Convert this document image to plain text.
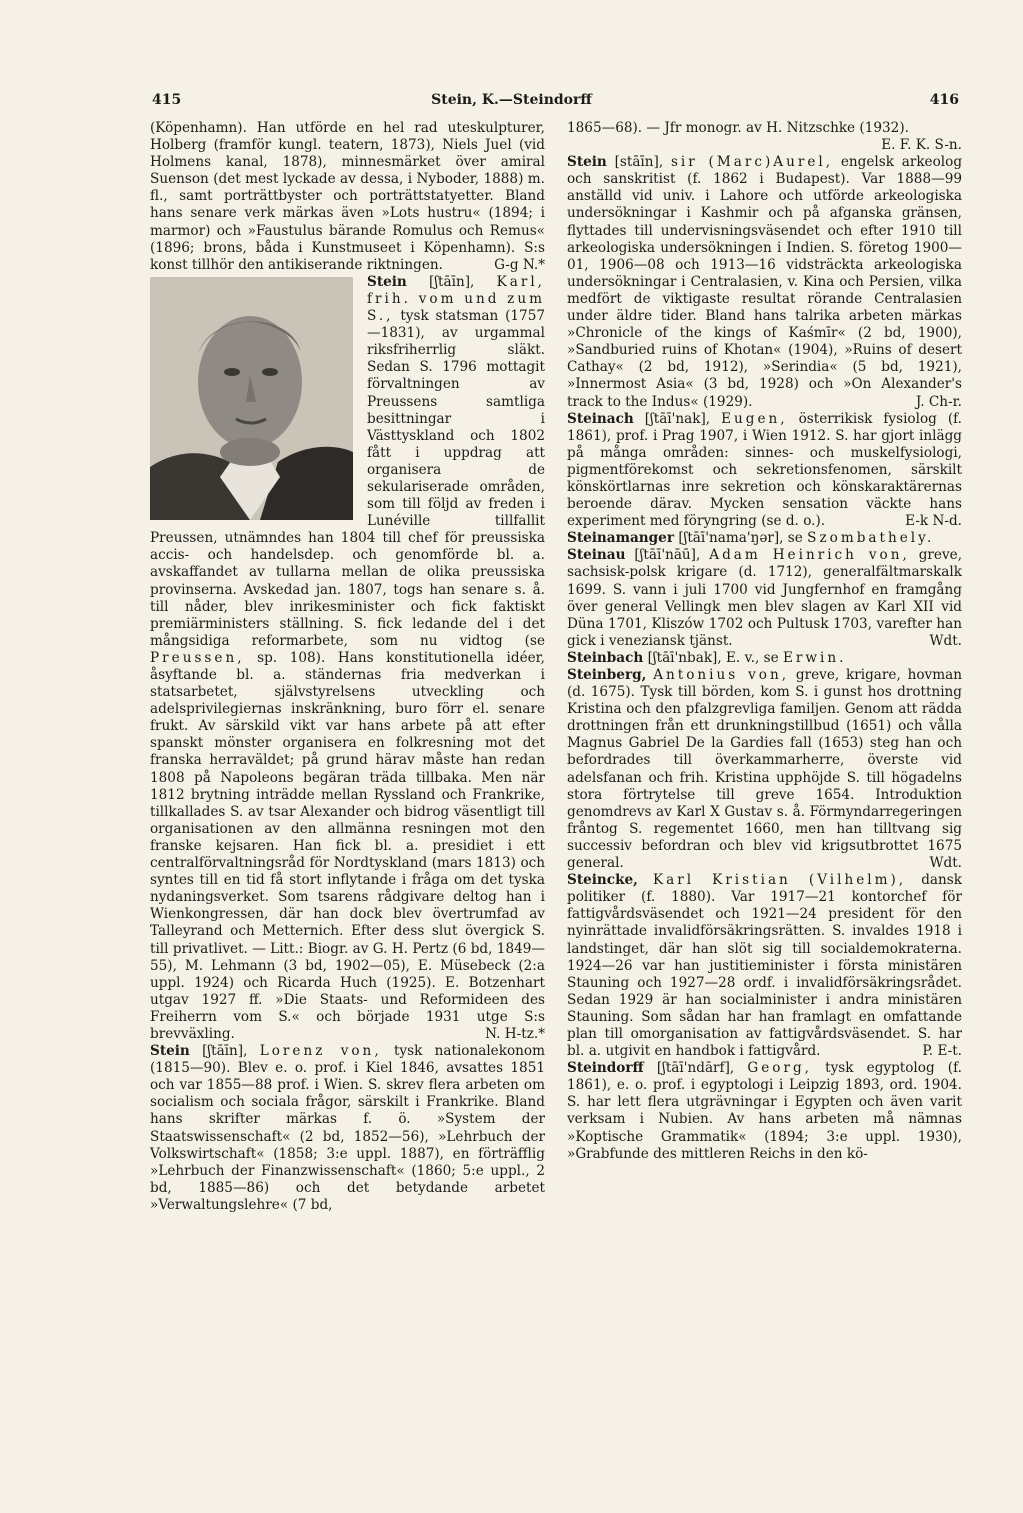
415	Stein, K.—Steindorff	416

(Köpenhamn). Han utförde en hel rad uteskulpturer, Holberg (framför kungl. teatern, 1873), Niels Juel (vid Holmens kanal, 1878), minnesmärket över amiral Suenson (det mest lyckade av dessa, i Nyboder, 1888) m. fl., samt porträttbyster och porträttstatyetter. Bland hans senare verk märkas även »Lots hustru« (1894; i marmor) och »Faustulus bärande Romulus och Remus« (1896; brons, båda i Kunstmuseet i Köpenhamn). S:s konst tillhör den antikiserande riktningen.	G-g N.*

Stein [ʃtāīn], Karl, frih. vom und zum S., tysk statsman (1757—1831), av urgammal riksfriherrlig släkt. Sedan S. 1796 mottagit förvaltningen av Preussens samtliga besittningar i Västtyskland och 1802 fått i uppdrag att organisera de sekulariserade områden, som till följd av freden i Lunéville tillfallit Preussen, utnämndes han 1804 till chef för preussiska accis- och handelsdep. och genomförde bl. a. avskaffandet av tullarna mellan de olika preussiska provinserna. Avskedad jan. 1807, togs han senare s. å. till nåder, blev inrikesminister och fick faktiskt premiärministers ställning. S. fick ledande del i det mångsidiga reformarbete, som nu vidtog (se Preussen, sp. 108). Hans konstitutionella idéer, åsyftande bl. a. ständernas fria medverkan i statsarbetet, självstyrelsens utveckling och adelsprivilegiernas inskränkning, buro förr el. senare frukt. Av särskild vikt var hans arbete på att efter spanskt mönster organisera en folkresning mot det franska herraväldet; på grund härav måste han redan 1808 på Napoleons begäran träda tillbaka. Men när 1812 brytning inträdde mellan Ryssland och Frankrike, tillkallades S. av tsar Alexander och bidrog väsentligt till organisationen av den allmänna resningen mot den franske kejsaren. Han fick bl. a. presidiet i ett centralförvaltningsråd för Nordtyskland (mars 1813) och syntes till en tid få stort inflytande i fråga om det tyska nydaningsverket. Som tsarens rådgivare deltog han i Wienkongressen, där han dock blev övertrumfad av Talleyrand och Metternich. Efter dess slut övergick S. till privatlivet. — Litt.: Biogr. av G. H. Pertz (6 bd, 1849—55), M. Lehmann (3 bd, 1902—05), E. Müsebeck (2:a uppl. 1924) och Ricarda Huch (1925). E. Botzenhart utgav 1927 ff. »Die Staats- und Reformideen des Freiherrn vom S.« och började 1931 utge S:s brevväxling.	N. H-tz.*

Stein [ʃtāīn], Lorenz von, tysk nationalekonom (1815—90). Blev e. o. prof. i Kiel 1846, avsattes 1851 och var 1855—88 prof. i Wien. S. skrev flera arbeten om socialism och sociala frågor, särskilt i Frankrike. Bland hans skrifter märkas f. ö. »System der Staatswissenschaft« (2 bd, 1852—56), »Lehrbuch der Volkswirtschaft« (1858; 3:e uppl. 1887), en förträfflig »Lehrbuch der Finanzwissenschaft« (1860; 5:e uppl., 2 bd, 1885—86) och det betydande arbetet »Verwaltungslehre« (7 bd,

1865—68). — Jfr monogr. av H. Nitzschke (1932).
E. F. K. S-n.

Stein [stāīn], sir (Marc)Aurel, engelsk arkeolog och sanskritist (f. 1862 i Budapest). Var 1888—99 anställd vid univ. i Lahore och utförde arkeologiska undersökningar i Kashmir och på afganska gränsen, flyttades till undervisningsväsendet och efter 1910 till arkeologiska undersökningen i Indien. S. företog 1900—01, 1906—08 och 1913—16 vidsträckta arkeologiska undersökningar i Centralasien, v. Kina och Persien, vilka medfört de viktigaste resultat rörande Centralasien under äldre tider. Bland hans talrika arbeten märkas »Chronicle of the kings of Kaśmīr« (2 bd, 1900), »Sandburied ruins of Khotan« (1904), »Ruins of desert Cathay« (2 bd, 1912), »Serindia« (5 bd, 1921), »Innermost Asia« (3 bd, 1928) och »On Alexander's track to the Indus« (1929).	J. Ch-r.

Steinach [ʃtāī'nak], Eugen, österrikisk fysiolog (f. 1861), prof. i Prag 1907, i Wien 1912. S. har gjort inlägg på många områden: sinnes- och muskelfysiologi, pigmentförekomst och sekretionsfenomen, särskilt könskörtlarnas inre sekretion och könskaraktärernas beroende därav. Mycken sensation väckte hans experiment med föryngring (se d. o.).	E-k N-d.

Steinamanger [ʃtāī'nama'ŋər], se Szombathely.

Steinau [ʃtāī'nāū], Adam Heinrich von, greve, sachsisk-polsk krigare (d. 1712), generalfältmarskalk 1699. S. vann i juli 1700 vid Jungfernhof en framgång över general Vellingk men blev slagen av Karl XII vid Düna 1701, Kliszów 1702 och Pultusk 1703, varefter han gick i veneziansk tjänst.	Wdt.

Steinbach [ʃtāī'nbak], E. v., se Erwin.

Steinberg, Antonius von, greve, krigare, hovman (d. 1675). Tysk till börden, kom S. i gunst hos drottning Kristina och den pfalzgrevliga familjen. Genom att rädda drottningen från ett drunkningstillbud (1651) och vålla Magnus Gabriel De la Gardies fall (1653) steg han och befordrades till överkammarherre, överste vid adelsfanan och frih. Kristina upphöjde S. till högadelns stora förtrytelse till greve 1654. Introduktion genomdrevs av Karl X Gustav s. å. Förmyndarregeringen fråntog S. regementet 1660, men han tilltvang sig successiv befordran och blev vid krigsutbrottet 1675 general.	Wdt.

Steincke, Karl Kristian (Vilhelm), dansk politiker (f. 1880). Var 1917—21 kontorchef för fattigvårdsväsendet och 1921—24 president för den nyinrättade invalidförsäkringsrätten. S. invaldes 1918 i landstinget, där han slöt sig till socialdemokraterna. 1924—26 var han justitieminister i första ministären Stauning och 1927—28 ordf. i invalidförsäkringsrådet. Sedan 1929 är han socialminister i andra ministären Stauning. Som sådan har han framlagt en omfattande plan till omorganisation av fattigvårdsväsendet. S. har bl. a. utgivit en handbok i fattigvård.	P. E-t.

Steindorff [ʃtāī'ndārf], Georg, tysk egyptolog (f. 1861), e. o. prof. i egyptologi i Leipzig 1893, ord. 1904. S. har lett flera utgrävningar i Egypten och även varit verksam i Nubien. Av hans arbeten må nämnas »Koptische Grammatik« (1894; 3:e uppl. 1930), »Grabfunde des mittleren Reichs in den kö-
